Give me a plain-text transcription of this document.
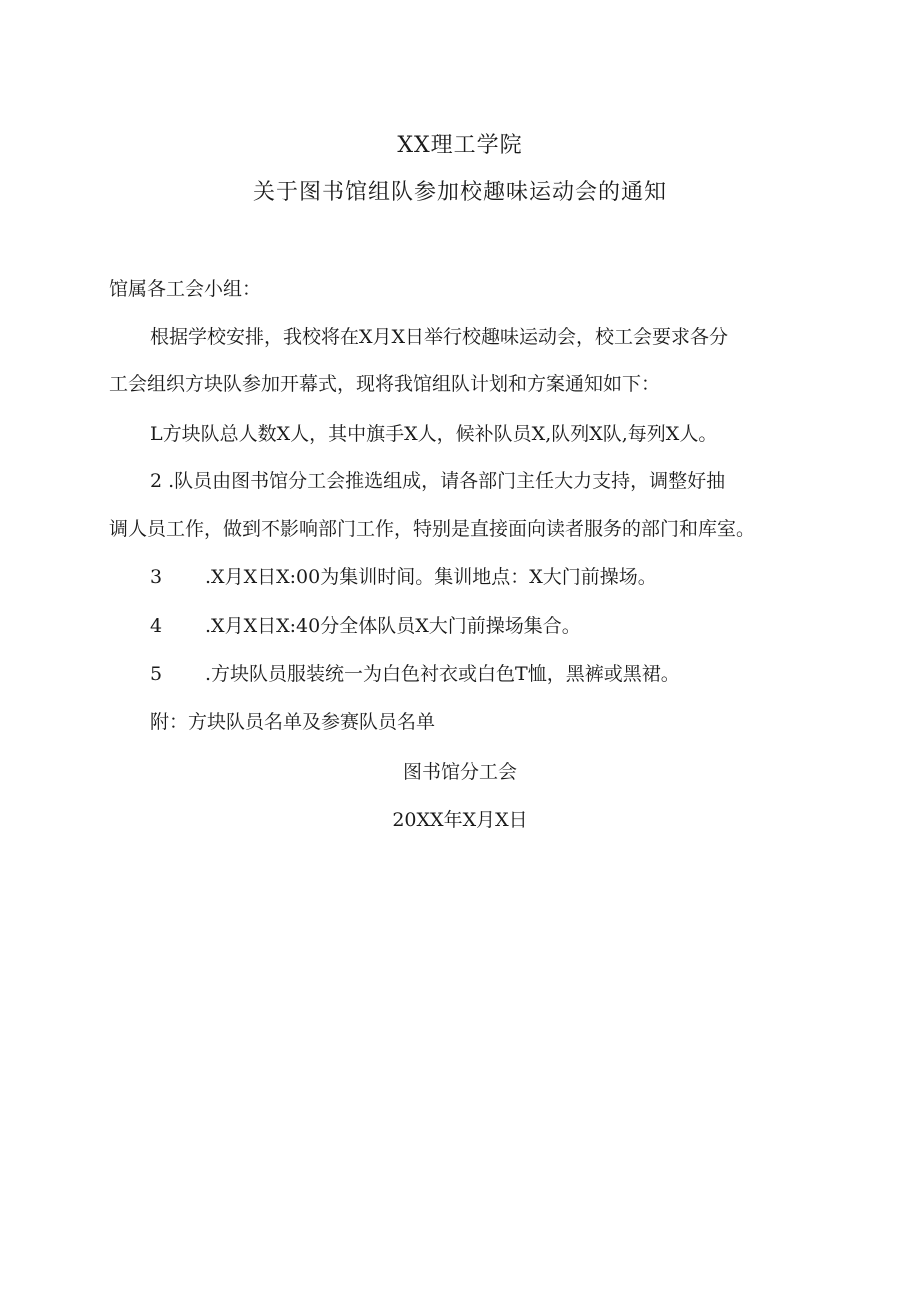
XX理工学院
关于图书馆组队参加校趣味运动会的通知
馆属各工会小组：
根据学校安排，我校将在X月X日举行校趣味运动会，校工会要求各分
工会组织方块队参加开幕式，现将我馆组队计划和方案通知如下：
L方块队总人数X人，其中旗手X人，候补队员X,队列X队,每列X人。
2 .队员由图书馆分工会推选组成，请各部门主任大力支持，调整好抽
调人员工作，做到不影响部门工作，特别是直接面向读者服务的部门和库室。
3 .X月X日X:00为集训时间。集训地点：X大门前操场。
4 .X月X日X:40分全体队员X大门前操场集合。
5 .方块队员服装统一为白色衬衣或白色T恤，黑裤或黑裙。
附：方块队员名单及参赛队员名单
图书馆分工会
20XX年X月X日
